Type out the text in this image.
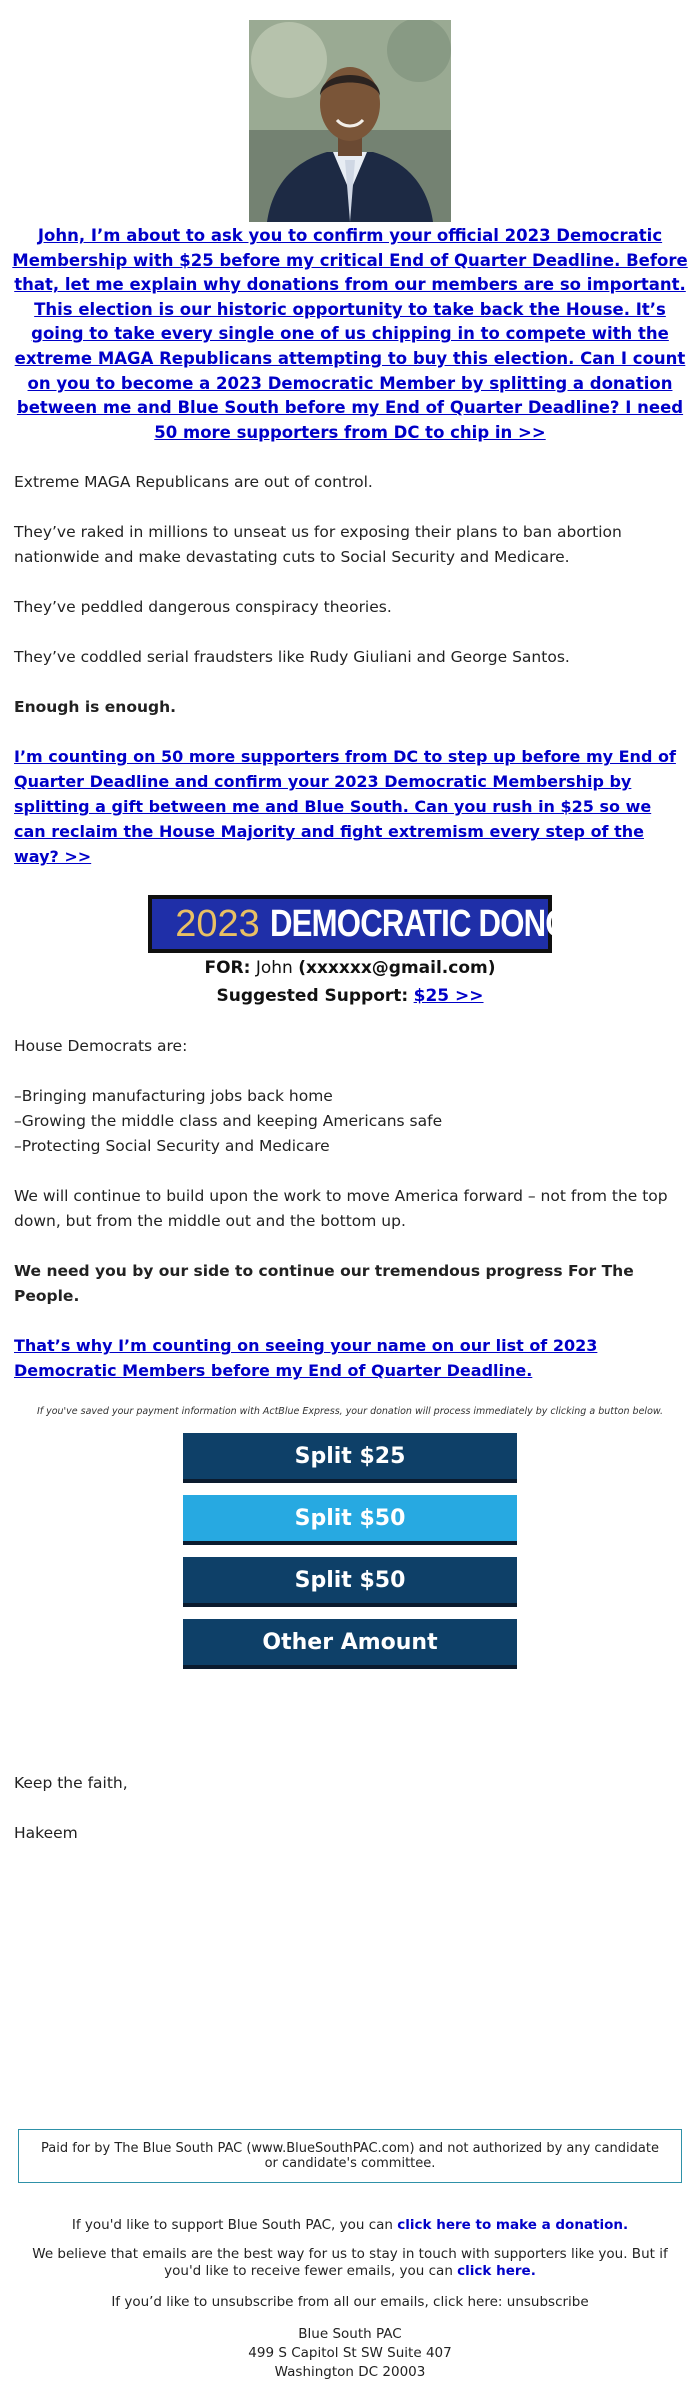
John, I’m about to ask you to confirm your official 2023 Democratic Membership with $25 before my critical End of Quarter Deadline. Before that, let me explain why donations from our members are so important. This election is our historic opportunity to take back the House. It’s going to take every single one of us chipping in to compete with the extreme MAGA Republicans attempting to buy this election. Can I count on you to become a 2023 Democratic Member by splitting a donation between me and Blue South before my End of Quarter Deadline? I need 50 more supporters from DC to chip in >>
Extreme MAGA Republicans are out of control.
They’ve raked in millions to unseat us for exposing their plans to ban abortion nationwide and make devastating cuts to Social Security and Medicare.
They’ve peddled dangerous conspiracy theories.
They’ve coddled serial fraudsters like Rudy Giuliani and George Santos.
Enough is enough.
I’m counting on 50 more supporters from DC to step up before my End of Quarter Deadline and confirm your 2023 Democratic Membership by splitting a gift between me and Blue South. Can you rush in $25 so we can reclaim the House Majority and fight extremism every step of the way? >>
2023 DEMOCRATIC DONOR
FOR: John (xxxxxx@gmail.com)
Suggested Support: $25 >>
House Democrats are:
–Bringing manufacturing jobs back home
–Growing the middle class and keeping Americans safe
–Protecting Social Security and Medicare
We will continue to build upon the work to move America forward – not from the top down, but from the middle out and the bottom up.
We need you by our side to continue our tremendous progress For The People.
That’s why I’m counting on seeing your name on our list of 2023 Democratic Members before my End of Quarter Deadline.
If you've saved your payment information with ActBlue Express, your donation will process immediately by clicking a button below.
Split $25
Split $50
Split $50
Other Amount
Keep the faith,
Hakeem
Paid for by The Blue South PAC (www.BlueSouthPAC.com) and not authorized by any candidate or candidate's committee.
If you'd like to support Blue South PAC, you can click here to make a donation.
We believe that emails are the best way for us to stay in touch with supporters like you. But if you'd like to receive fewer emails, you can click here.
If you’d like to unsubscribe from all our emails, click here: unsubscribe
Blue South PAC
499 S Capitol St SW Suite 407
Washington DC 20003
